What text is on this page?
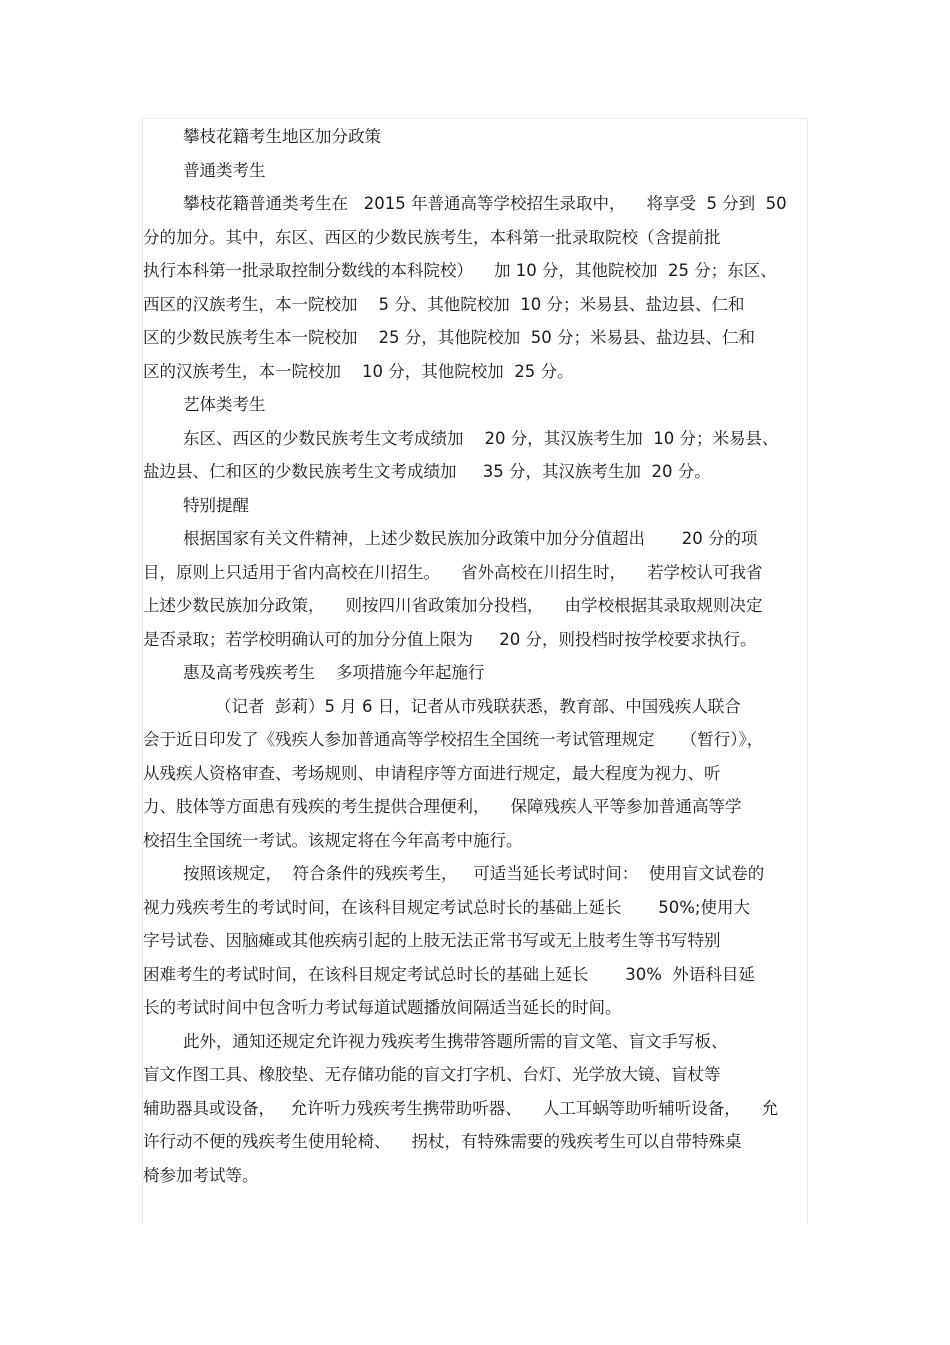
攀枝花籍考生地区加分政策
普通类考生
攀枝花籍普通类考生在   2015 年普通高等学校招生录取中，    将享受  5 分到  50
分的加分。其中，东区、西区的少数民族考生，本科第一批录取院校（含提前批
执行本科第一批录取控制分数线的本科院校）    加 10 分，其他院校加  25 分；东区、
西区的汉族考生，本一院校加    5 分、其他院校加  10 分；米易县、盐边县、仁和
区的少数民族考生本一院校加    25 分，其他院校加  50 分；米易县、盐边县、仁和
区的汉族考生，本一院校加    10 分，其他院校加  25 分。
艺体类考生
东区、西区的少数民族考生文考成绩加    20 分，其汉族考生加  10 分；米易县、
盐边县、仁和区的少数民族考生文考成绩加     35 分，其汉族考生加  20 分。
特别提醒
根据国家有关文件精神，上述少数民族加分政策中加分分值超出       20 分的项
目，原则上只适用于省内高校在川招生。    省外高校在川招生时，    若学校认可我省
上述少数民族加分政策，    则按四川省政策加分投档，    由学校根据其录取规则决定
是否录取；若学校明确认可的加分分值上限为     20 分，则投档时按学校要求执行。
惠及高考残疾考生    多项措施今年起施行
（记者  彭莉）5 月 6 日，记者从市残联获悉，教育部、中国残疾人联合
会于近日印发了《残疾人参加普通高等学校招生全国统一考试管理规定     （暂行）》，
从残疾人资格审查、考场规则、申请程序等方面进行规定，最大程度为视力、听
力、肢体等方面患有残疾的考生提供合理便利，    保障残疾人平等参加普通高等学
校招生全国统一考试。该规定将在今年高考中施行。
按照该规定，  符合条件的残疾考生，   可适当延长考试时间：  使用盲文试卷的
视力残疾考生的考试时间，在该科目规定考试总时长的基础上延长       50%;使用大
字号试卷、因脑瘫或其他疾病引起的上肢无法正常书写或无上肢考生等书写特别
困难考生的考试时间，在该科目规定考试总时长的基础上延长       30%  外语科目延
长的考试时间中包含听力考试每道试题播放间隔适当延长的时间。
此外，通知还规定允许视力残疾考生携带答题所需的盲文笔、盲文手写板、
盲文作图工具、橡胶垫、无存储功能的盲文打字机、台灯、光学放大镜、盲杖等
辅助器具或设备，   允许听力残疾考生携带助听器、    人工耳蜗等助听辅听设备，    允
许行动不便的残疾考生使用轮椅、    拐杖，有特殊需要的残疾考生可以自带特殊桌
椅参加考试等。
